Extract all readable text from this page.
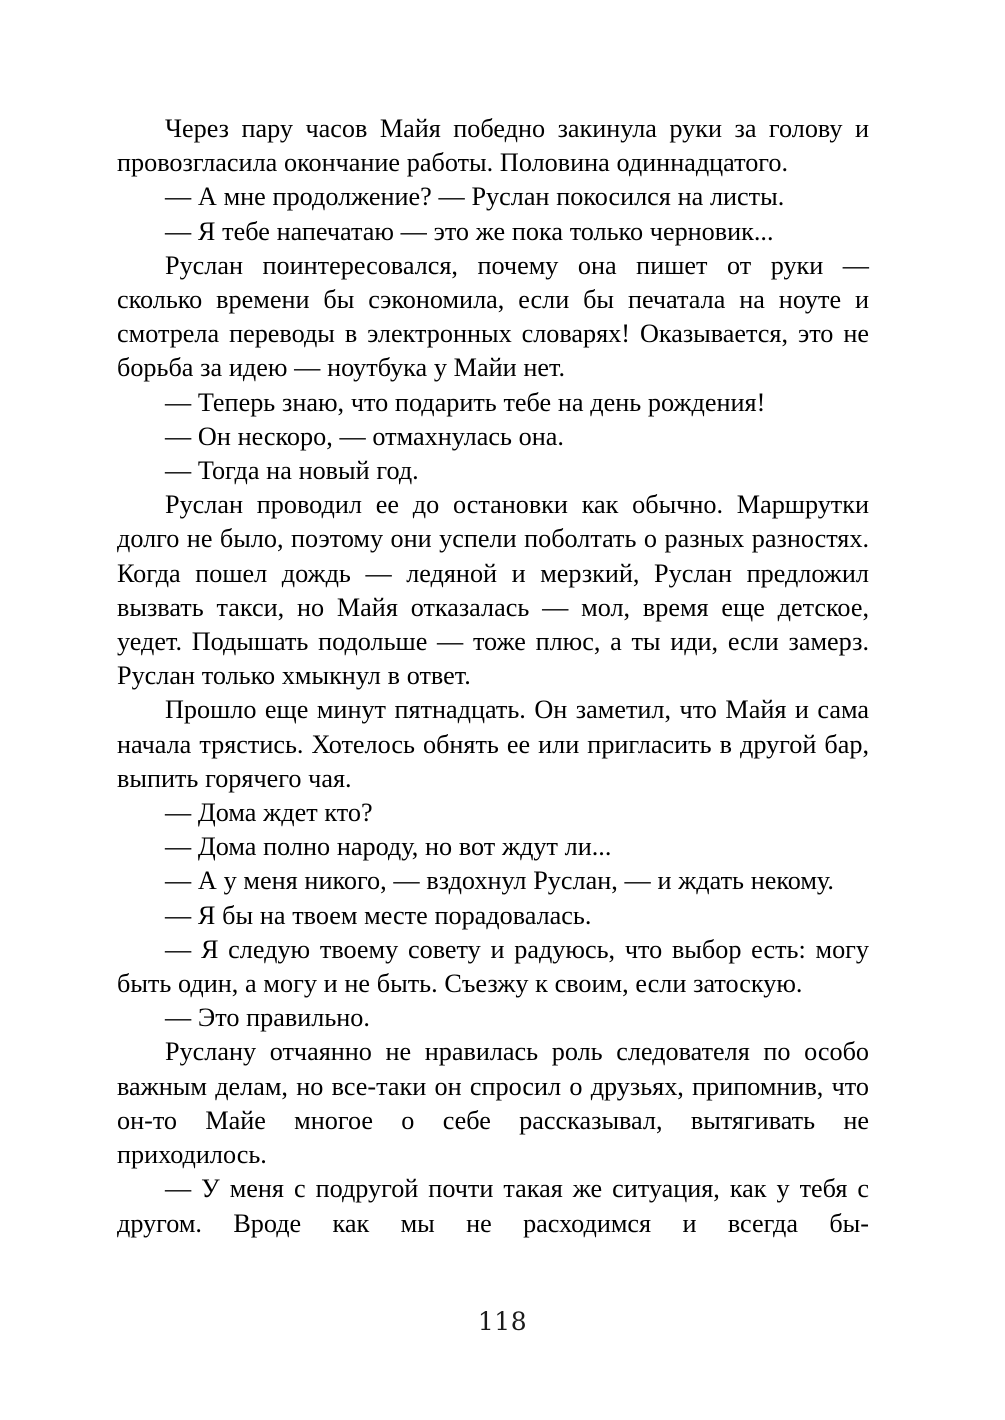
Через пару часов Майя победно закинула руки за голову и провозгласила окончание работы. Половина одиннадцатого.

— А мне продолжение? — Руслан покосился на листы.

— Я тебе напечатаю — это же пока только черновик...

Руслан поинтересовался, почему она пишет от руки — сколько времени бы сэкономила, если бы печатала на ноуте и смотрела переводы в электронных словарях! Оказывается, это не борьба за идею — ноутбука у Майи нет.

— Теперь знаю, что подарить тебе на день рождения!

— Он нескоро, — отмахнулась она.

— Тогда на новый год.

Руслан проводил ее до остановки как обычно. Маршрутки долго не было, поэтому они успели поболтать о разных разностях. Когда пошел дождь — ледяной и мерзкий, Руслан предложил вызвать такси, но Майя отказалась — мол, время еще детское, уедет. Подышать подольше — тоже плюс, а ты иди, если замерз. Руслан только хмыкнул в ответ.

Прошло еще минут пятнадцать. Он заметил, что Майя и сама начала трястись. Хотелось обнять ее или пригласить в другой бар, выпить горячего чая.

— Дома ждет кто?

— Дома полно народу, но вот ждут ли...

— А у меня никого, — вздохнул Руслан, — и ждать некому.

— Я бы на твоем месте порадовалась.

— Я следую твоему совету и радуюсь, что выбор есть: могу быть один, а могу и не быть. Съезжу к своим, если затоскую.

— Это правильно.

Руслану отчаянно не нравилась роль следователя по особо важным делам, но все-таки он спросил о друзьях, припомнив, что он-то Майе многое о себе рассказывал, вытягивать не приходилось.

— У меня с подругой почти такая же ситуация, как у тебя с другом. Вроде как мы не расходимся и всегда бы-

118
